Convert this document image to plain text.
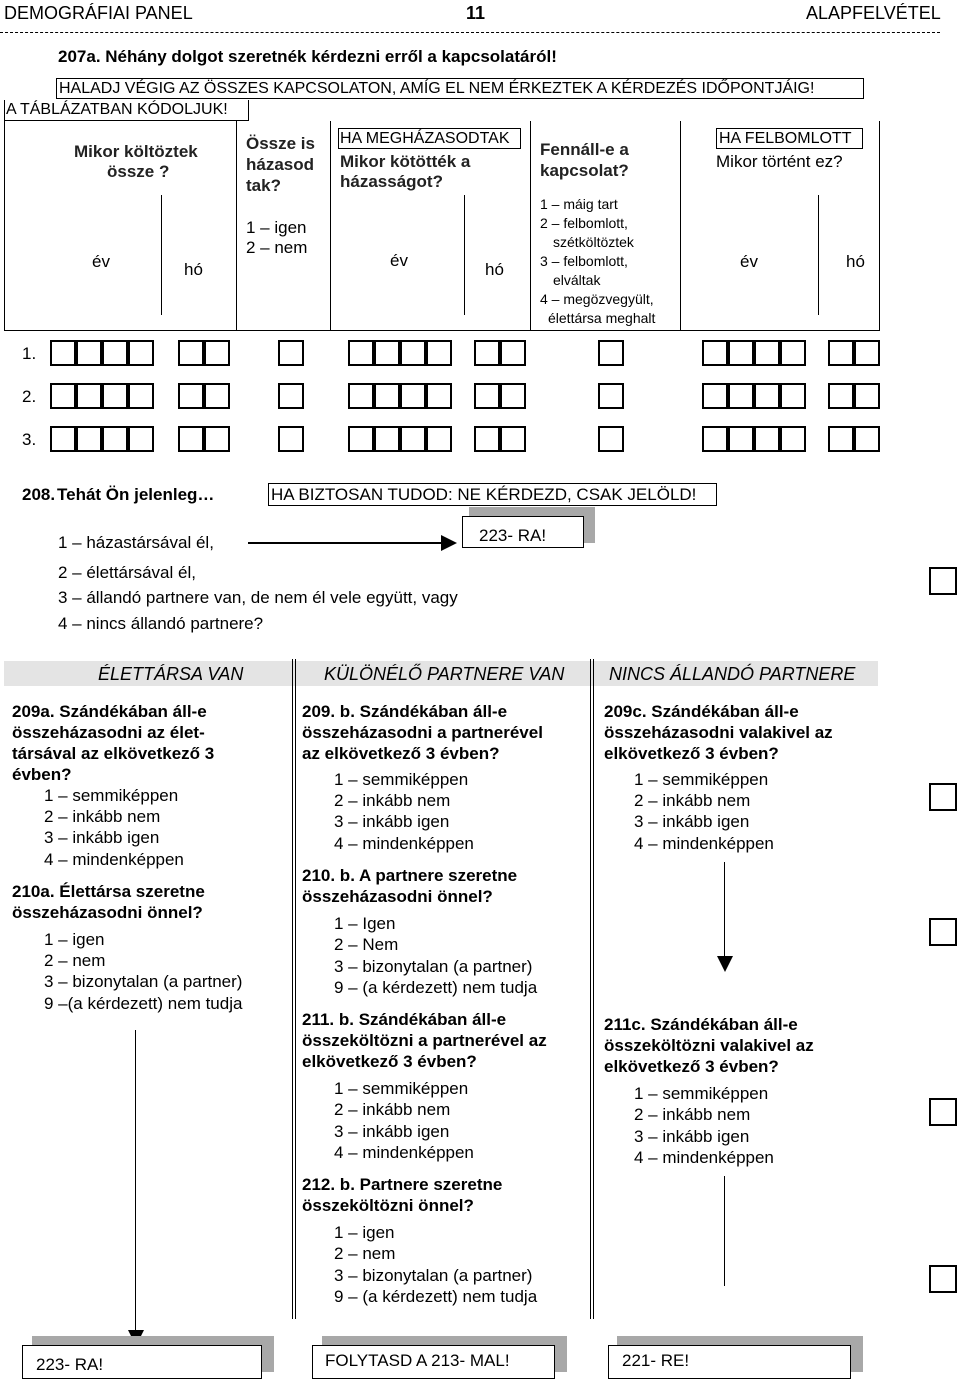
DEMOGRÁFIAI PANEL	11	ALAPFELVÉTEL
207a. Néhány dolgot szeretnék kérdezni erről a kapcsolatáról!
HALADJ VÉGIG AZ ÖSSZES KAPCSOLATON, AMÍG EL NEM ÉRKEZTEK A KÉRDEZÉS IDŐPONTJÁIG!
A TÁBLÁZATBAN KÓDOLJUK!
Mikor költöztek
össze ?
év	hó
Össze is
házasod
tak?
1 – igen
2 – nem
HA MEGHÁZASODTAK
Mikor kötötték a
házasságot?
év	hó
Fennáll-e a
kapcsolat?
1 – máig tart
2 – felbomlott,
szétköltöztek
3 – felbomlott,
elváltak
4 – megözvegyült,
élettársa meghalt
HA FELBOMLOTT
Mikor történt ez?
év	hó
1.
2.
3.
208. Tehát Ön jelenleg…	HA BIZTOSAN TUDOD: NE KÉRDEZD, CSAK JELÖLD!
1 – házastársával él,
2 – élettársával él,
3 – állandó partnere van, de nem él vele együtt, vagy
4 – nincs állandó partnere?
223- RA!
ÉLETTÁRSA VAN	KÜLÖNÉLŐ PARTNERE VAN NINCS ÁLLANDÓ PARTNERE
209a. Szándékában áll-e
összeházasodni az élet-
társával az elkövetkező 3
évben?
1 – semmiképpen
2 – inkább nem
3 – inkább igen
4 – mindenképpen
210a. Élettársa szeretne
összeházasodni önnel?
1 – igen
2 – nem
3 – bizonytalan (a partner)
9 –(a kérdezett) nem tudja
209. b. Szándékában áll-e
összeházasodni a partnerével
az elkövetkező 3 évben?
1 – semmiképpen
2 – inkább nem
3 – inkább igen
4 – mindenképpen
210. b. A partnere szeretne
összeházasodni önnel?
1 – Igen
2 – Nem
3 – bizonytalan (a partner)
9 – (a kérdezett) nem tudja
211. b. Szándékában áll-e
összeköltözni a partnerével az
elkövetkező 3 évben?
1 – semmiképpen
2 – inkább nem
3 – inkább igen
4 – mindenképpen
212. b. Partnere szeretne
összeköltözni önnel?
1 – igen
2 – nem
3 – bizonytalan (a partner)
9 – (a kérdezett) nem tudja
209c. Szándékában áll-e
összeházasodni valakivel az
elkövetkező 3 évben?
1 – semmiképpen
2 – inkább nem
3 – inkább igen
4 – mindenképpen
211c. Szándékában áll-e
összeköltözni valakivel az
elkövetkező 3 évben?
1 – semmiképpen
2 – inkább nem
3 – inkább igen
4 – mindenképpen
223- RA!	FOLYTASD A 213- MAL!	221- RE!
